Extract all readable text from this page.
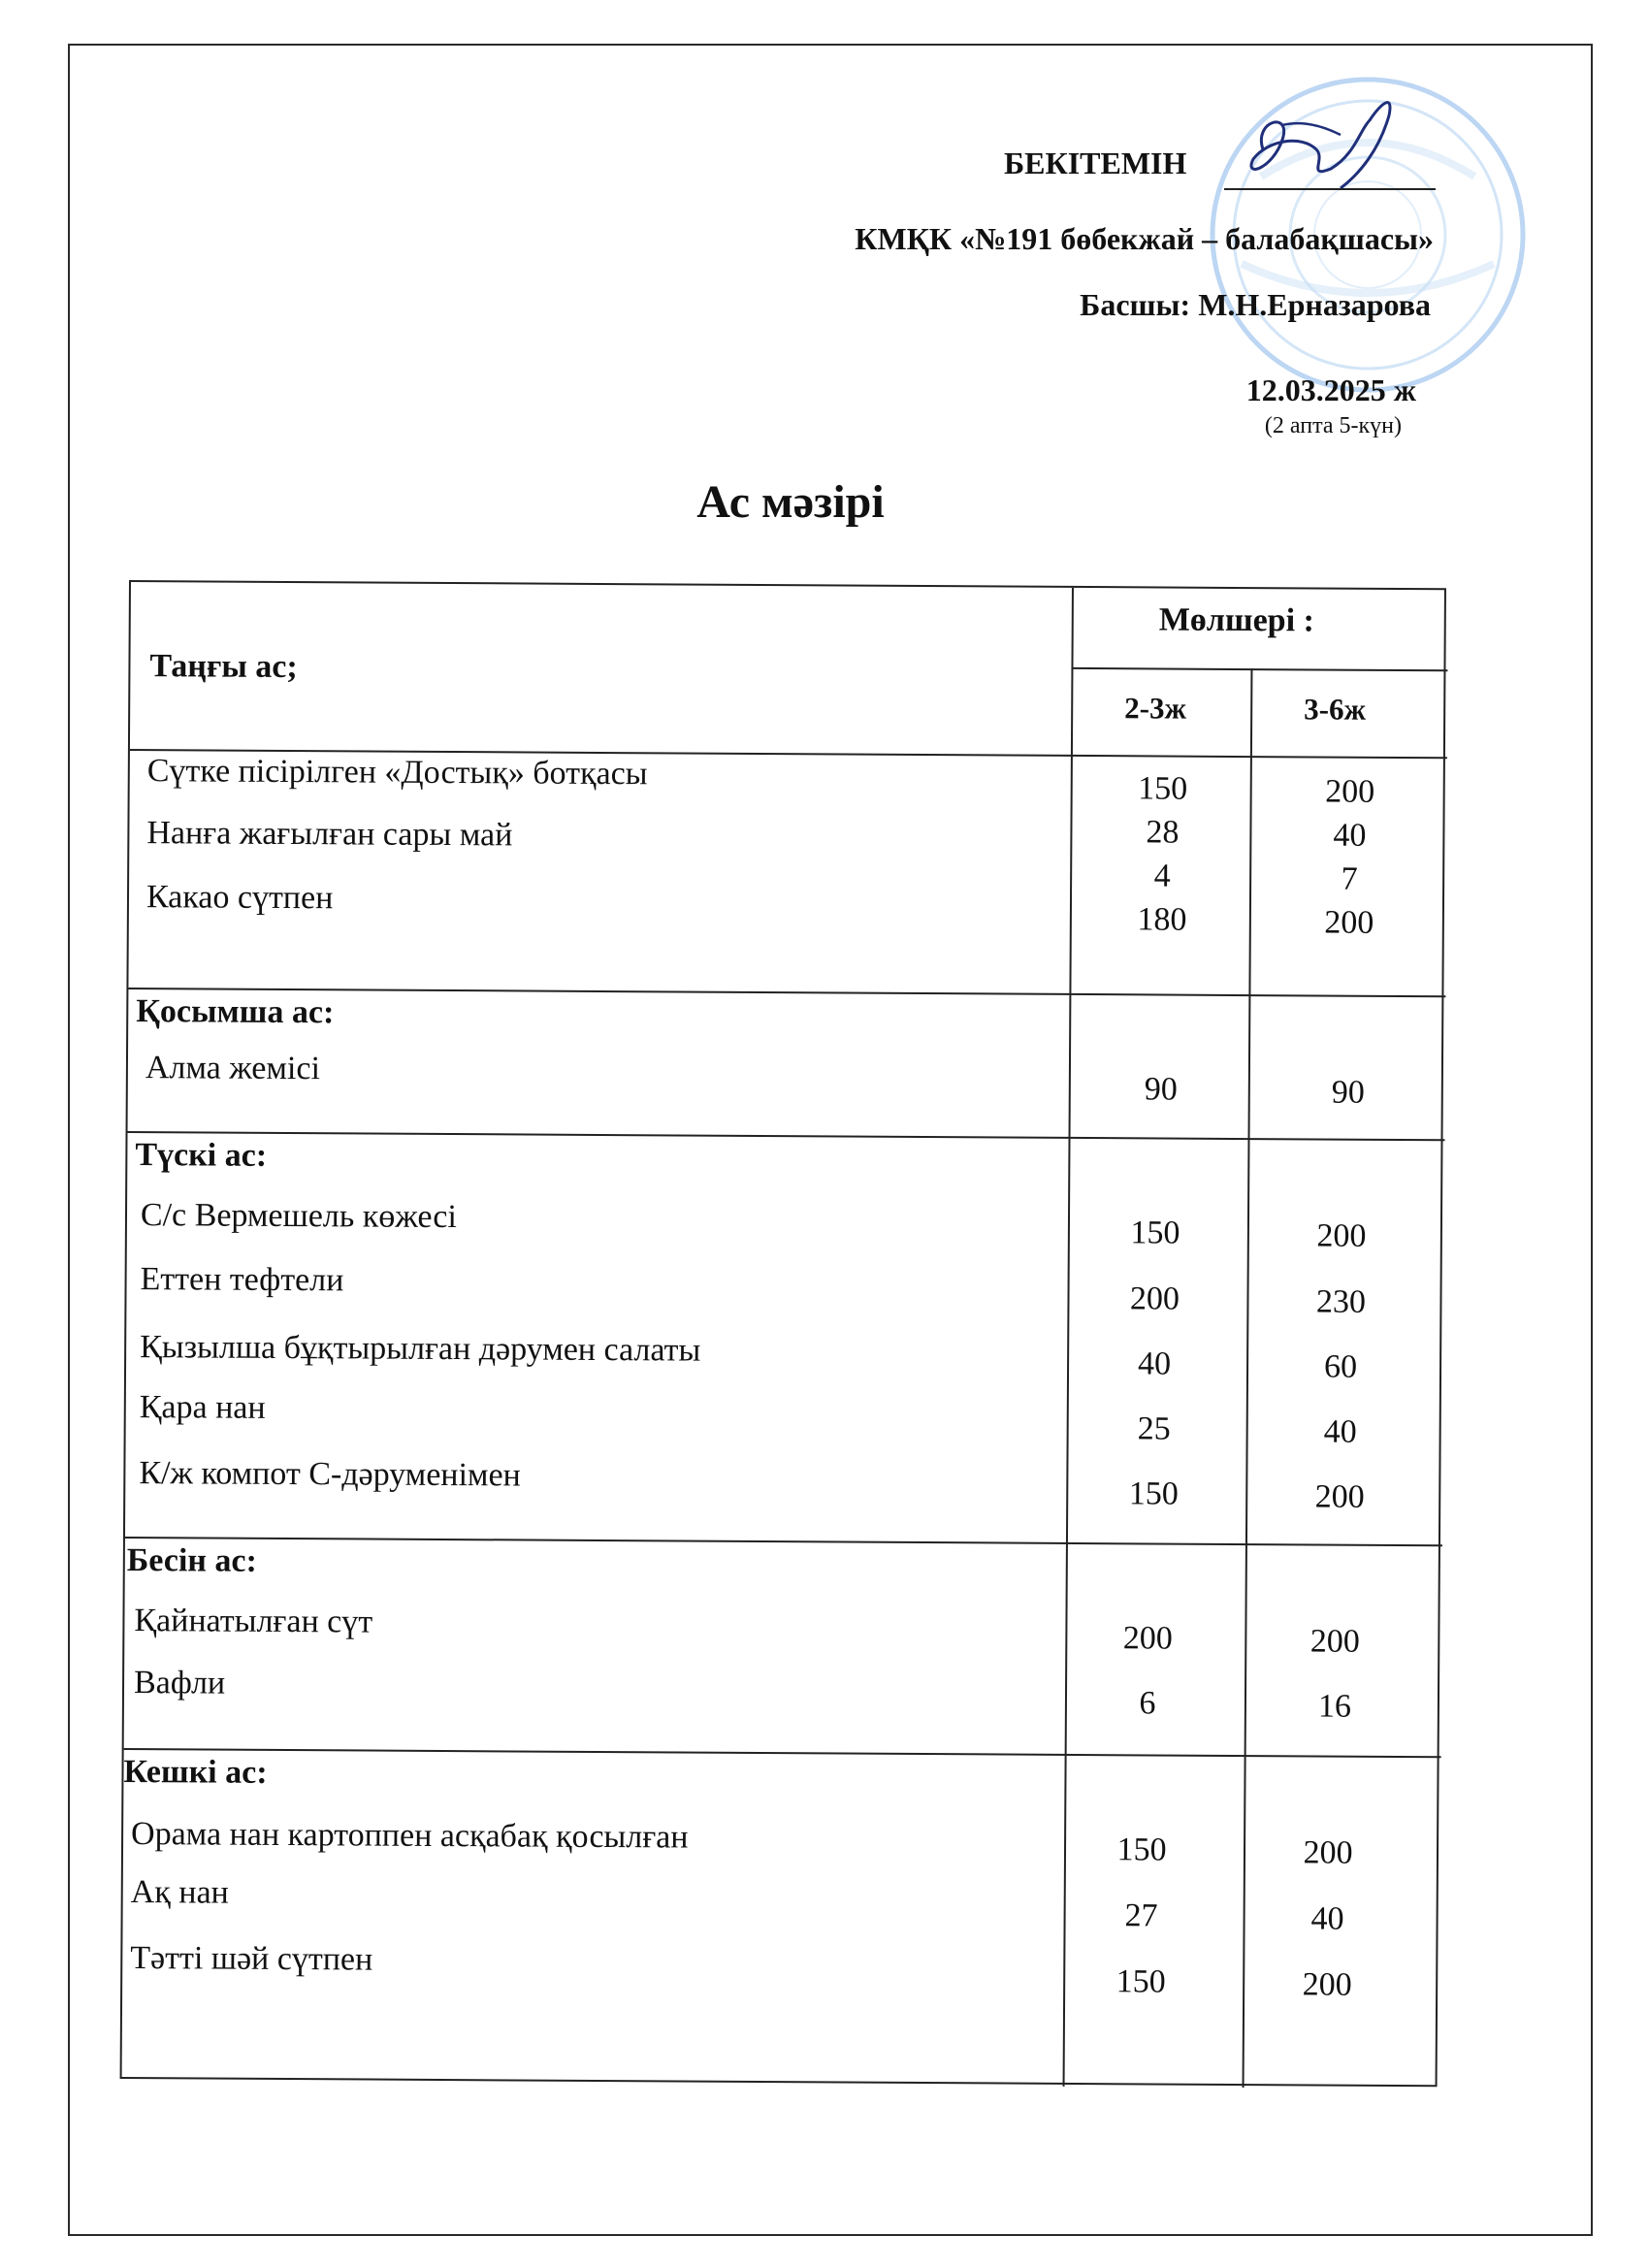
БЕКІТЕМІН
КМҚК «№191 бөбекжай – балабақшасы»
Басшы: М.Н.Ерназарова
12.03.2025 ж
(2 апта 5-күн)
Ас мәзірі
Таңғы ас;
Мөлшері :
2-3ж	3-6ж
Сүтке пісірілген «Достық» ботқасы
Нанға жағылған сары май
Какао сүтпен
150
28
4
180
200
40
7
200
Қосымша ас:
Алма жемісі
90	90
Түскі ас:
С/с Вермешель көжесі
Еттен тефтели
Қызылша бұқтырылған дәрумен салаты
Қара нан
К/ж компот С-дәруменімен
150
200
40
25
150
200
230
60
40
200
Бесін ас:
Қайнатылған сүт
Вафли
200
6
200
16
Кешкі ас:
Орама нан картоппен асқабақ қосылған
Ақ нан
Тәтті шәй сүтпен
150
27
150
200
40
200
